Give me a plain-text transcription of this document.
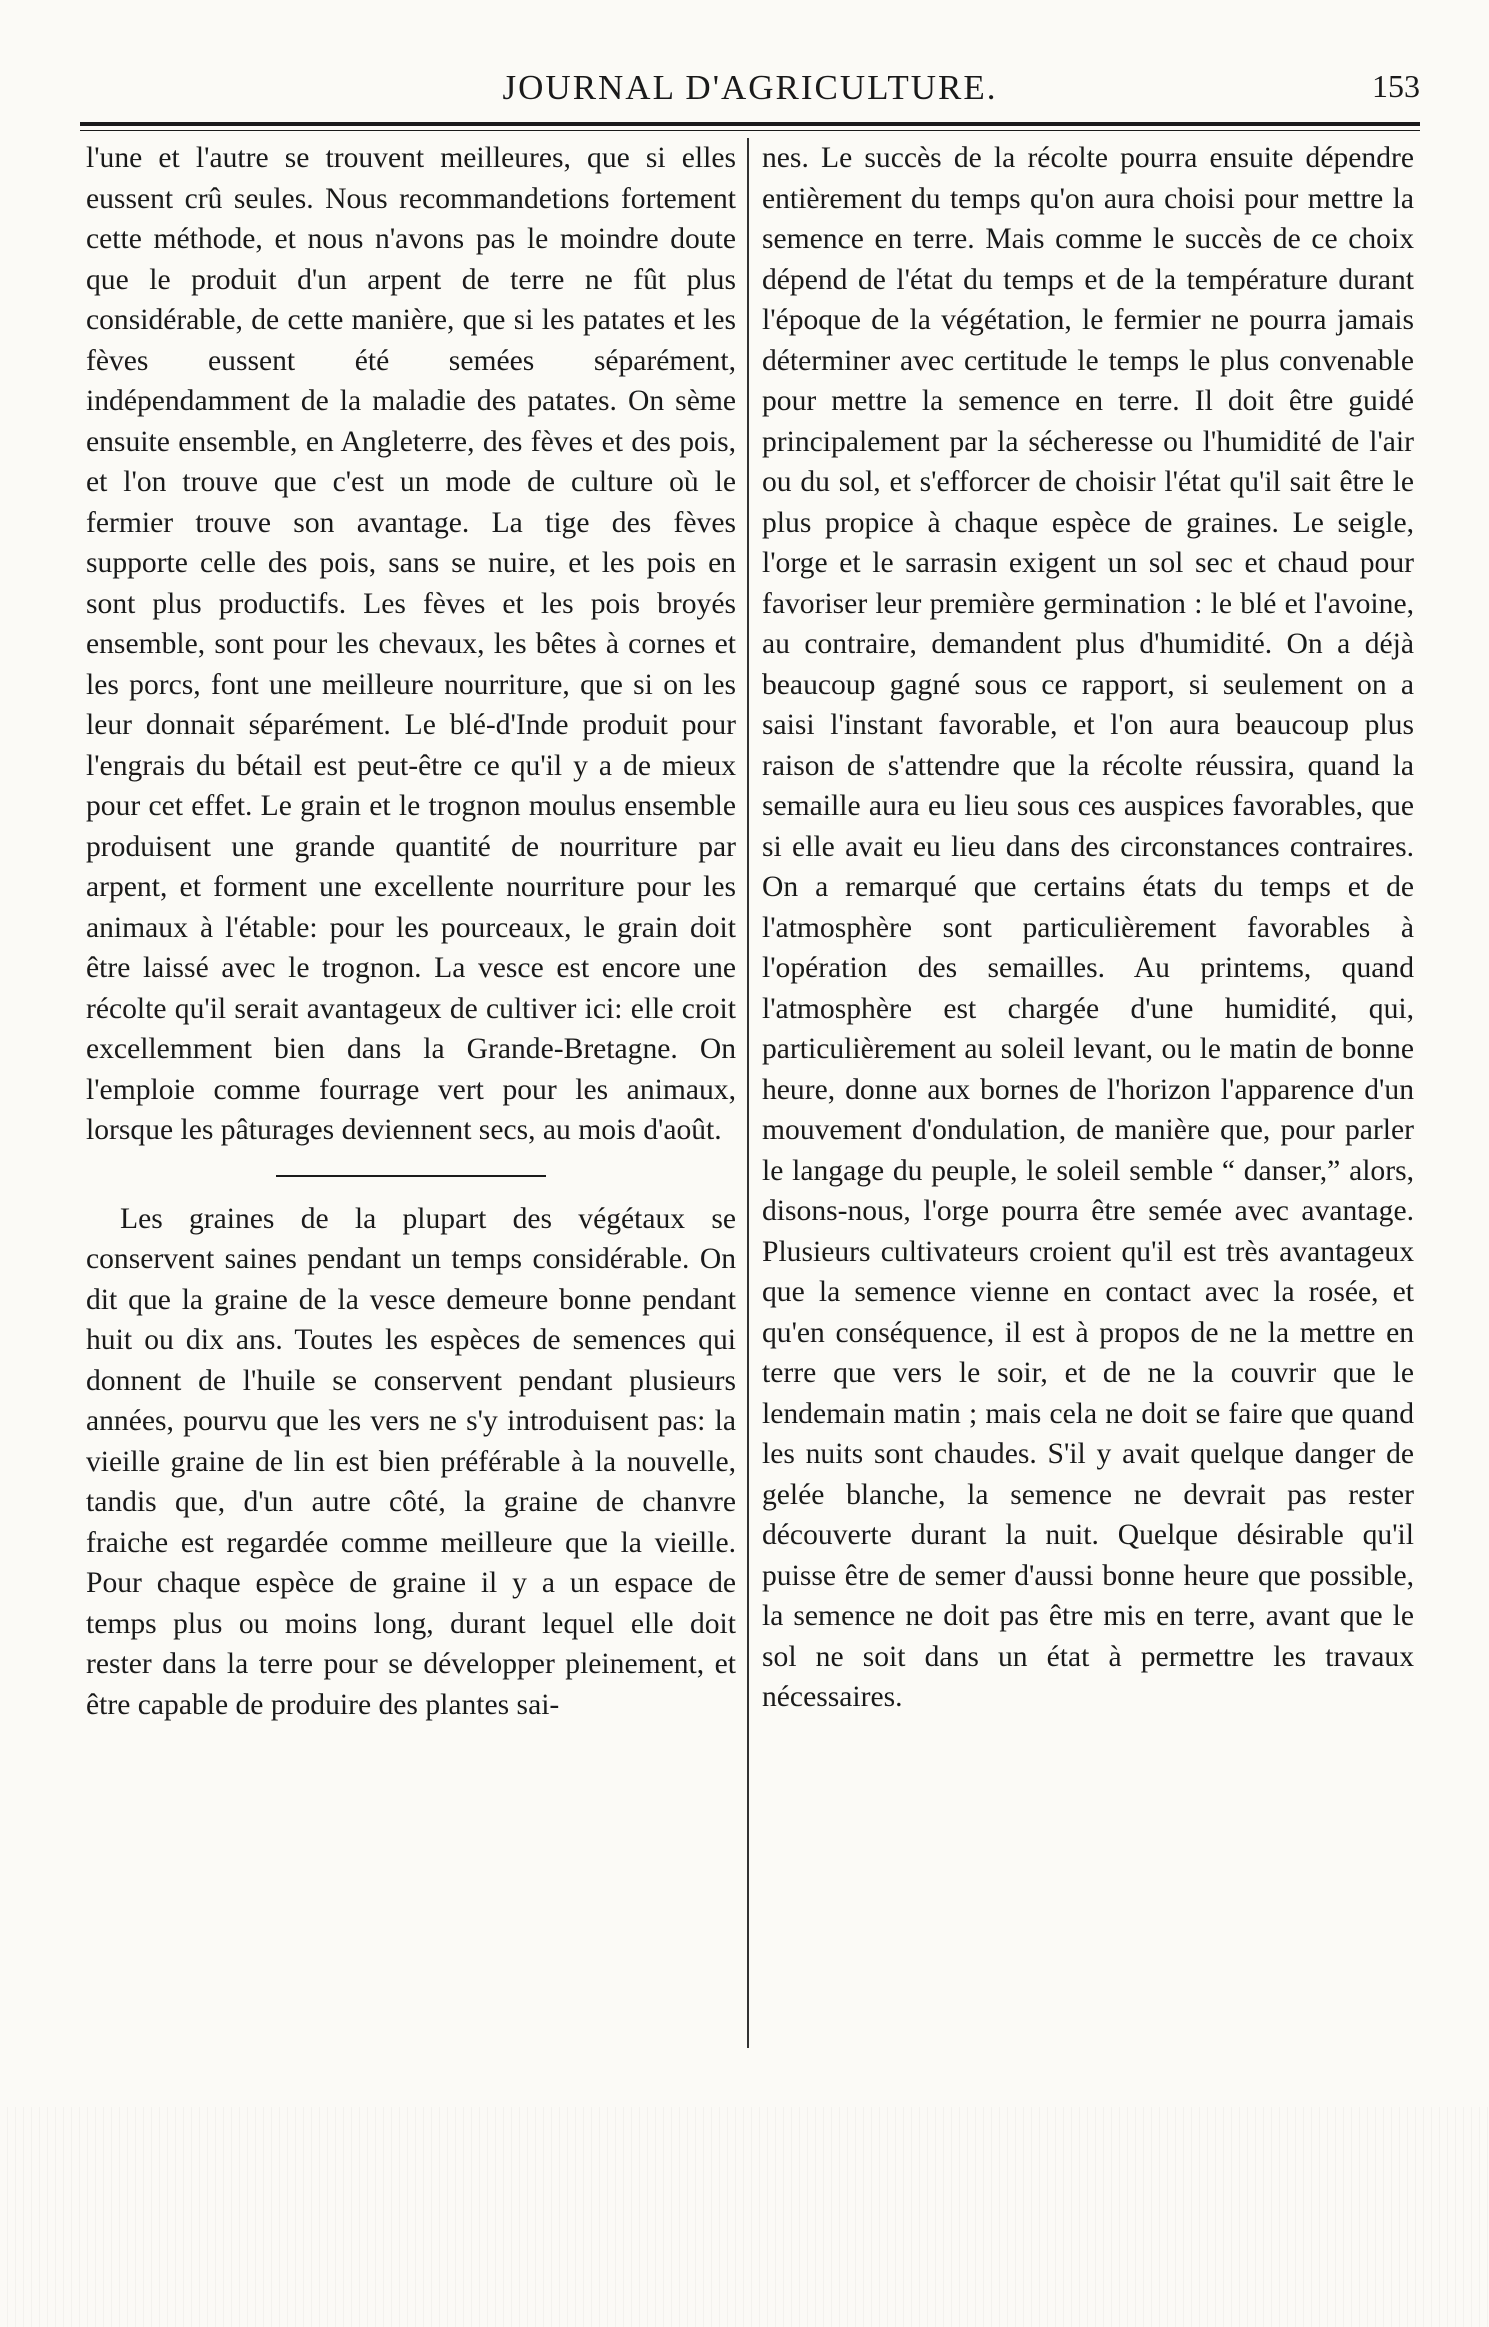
JOURNAL D'AGRICULTURE.	153

l'une et l'autre se trouvent meilleures, que si elles eussent crû seules. Nous recommandetions fortement cette méthode, et nous n'avons pas le moindre doute que le produit d'un arpent de terre ne fût plus considérable, de cette manière, que si les patates et les fèves eussent été semées séparément, indépendamment de la maladie des patates. On sème ensuite ensemble, en Angleterre, des fèves et des pois, et l'on trouve que c'est un mode de culture où le fermier trouve son avantage. La tige des fèves supporte celle des pois, sans se nuire, et les pois en sont plus productifs. Les fèves et les pois broyés ensemble, sont pour les chevaux, les bêtes à cornes et les porcs, font une meilleure nourriture, que si on les leur donnait séparément. Le blé-d'Inde produit pour l'engrais du bétail est peut-être ce qu'il y a de mieux pour cet effet. Le grain et le trognon moulus ensemble produisent une grande quantité de nourriture par arpent, et forment une excellente nourriture pour les animaux à l'étable: pour les pourceaux, le grain doit être laissé avec le trognon. La vesce est encore une récolte qu'il serait avantageux de cultiver ici: elle croit excellemment bien dans la Grande-Bretagne. On l'emploie comme fourrage vert pour les animaux, lorsque les pâturages deviennent secs, au mois d'août.

Les graines de la plupart des végétaux se conservent saines pendant un temps considérable. On dit que la graine de la vesce demeure bonne pendant huit ou dix ans. Toutes les espèces de semences qui donnent de l'huile se conservent pendant plusieurs années, pourvu que les vers ne s'y introduisent pas: la vieille graine de lin est bien préférable à la nouvelle, tandis que, d'un autre côté, la graine de chanvre fraiche est regardée comme meilleure que la vieille. Pour chaque espèce de graine il y a un espace de temps plus ou moins long, durant lequel elle doit rester dans la terre pour se développer pleinement, et être capable de produire des plantes sai-

nes. Le succès de la récolte pourra ensuite dépendre entièrement du temps qu'on aura choisi pour mettre la semence en terre. Mais comme le succès de ce choix dépend de l'état du temps et de la température durant l'époque de la végétation, le fermier ne pourra jamais déterminer avec certitude le temps le plus convenable pour mettre la semence en terre. Il doit être guidé principalement par la sécheresse ou l'humidité de l'air ou du sol, et s'efforcer de choisir l'état qu'il sait être le plus propice à chaque espèce de graines. Le seigle, l'orge et le sarrasin exigent un sol sec et chaud pour favoriser leur première germination : le blé et l'avoine, au contraire, demandent plus d'humidité. On a déjà beaucoup gagné sous ce rapport, si seulement on a saisi l'instant favorable, et l'on aura beaucoup plus raison de s'attendre que la récolte réussira, quand la semaille aura eu lieu sous ces auspices favorables, que si elle avait eu lieu dans des circonstances contraires. On a remarqué que certains états du temps et de l'atmosphère sont particulièrement favorables à l'opération des semailles. Au printems, quand l'atmosphère est chargée d'une humidité, qui, particulièrement au soleil levant, ou le matin de bonne heure, donne aux bornes de l'horizon l'apparence d'un mouvement d'ondulation, de manière que, pour parler le langage du peuple, le soleil semble “ danser,” alors, disons-nous, l'orge pourra être semée avec avantage. Plusieurs cultivateurs croient qu'il est très avantageux que la semence vienne en contact avec la rosée, et qu'en conséquence, il est à propos de ne la mettre en terre que vers le soir, et de ne la couvrir que le lendemain matin ; mais cela ne doit se faire que quand les nuits sont chaudes. S'il y avait quelque danger de gelée blanche, la semence ne devrait pas rester découverte durant la nuit. Quelque désirable qu'il puisse être de semer d'aussi bonne heure que possible, la semence ne doit pas être mis en terre, avant que le sol ne soit dans un état à permettre les travaux nécessaires.
